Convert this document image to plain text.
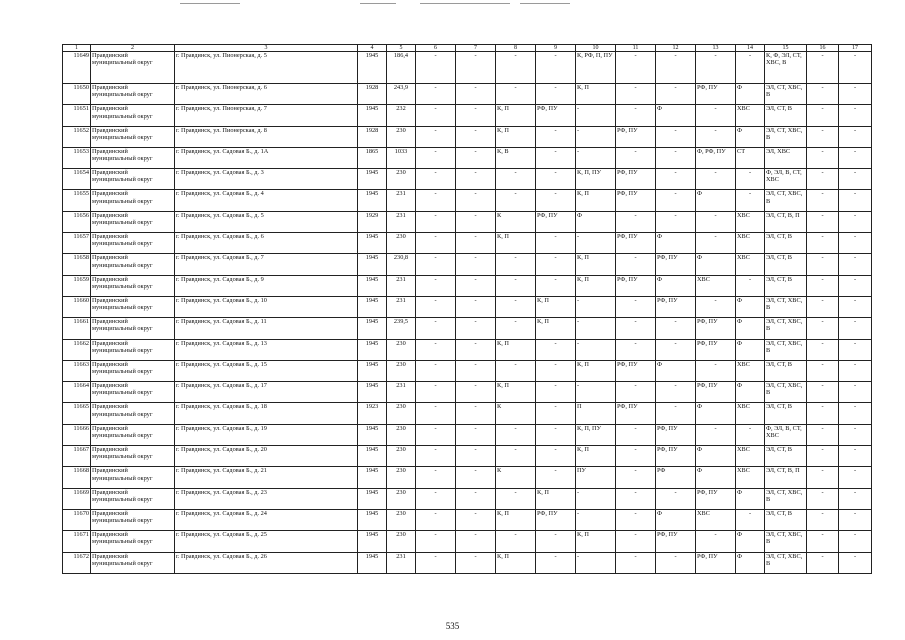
1	2	3	4	5	6	7	8	9	10	11	12	13	14	15	16	17
11649	Правдинский муниципальный округ	г. Правдинск, ул. Пионерская, д. 5	1945	186,4	-	-	-	-	К, РФ, П, ПУ	-	-	-	-	К, Ф, ЭЛ, СТ, ХВС, В	-	-
11650	Правдинский муниципальный округ	г. Правдинск, ул. Пионерская, д. 6	1928	243,9	-	-	-	-	К, П	-	-	РФ, ПУ	Ф	ЭЛ, СТ, ХВС, В	-	-
11651	Правдинский муниципальный округ	г. Правдинск, ул. Пионерская, д. 7	1945	232	-	-	К, П	РФ, ПУ	-	-	Ф	-	ХВС	ЭЛ, СТ, В	-	-
11652	Правдинский муниципальный округ	г. Правдинск, ул. Пионерская, д. 8	1928	230	-	-	К, П	-	-	РФ, ПУ	-	-	Ф	ЭЛ, СТ, ХВС, В	-	-
11653	Правдинский муниципальный округ	г. Правдинск, ул. Садовая Б., д. 1А	1865	1033	-	-	К, В	-	-	-	-	Ф, РФ, ПУ	СТ	ЭЛ, ХВС	-	-
11654	Правдинский муниципальный округ	г. Правдинск, ул. Садовая Б., д. 3	1945	230	-	-	-	-	К, П, ПУ	РФ, ПУ	-	-	-	Ф, ЭЛ, В, СТ, ХВС	-	-
11655	Правдинский муниципальный округ	г. Правдинск, ул. Садовая Б., д. 4	1945	231	-	-	-	-	К, П	РФ, ПУ	-	Ф	-	ЭЛ, СТ, ХВС, В	-	-
11656	Правдинский муниципальный округ	г. Правдинск, ул. Садовая Б., д. 5	1929	231	-	-	К	РФ, ПУ	Ф	-	-	-	ХВС	ЭЛ, СТ, В, П	-	-
11657	Правдинский муниципальный округ	г. Правдинск, ул. Садовая Б., д. 6	1945	230	-	-	К, П	-	-	РФ, ПУ	Ф	-	ХВС	ЭЛ, СТ, В	-	-
11658	Правдинский муниципальный округ	г. Правдинск, ул. Садовая Б., д. 7	1945	230,8	-	-	-	-	К, П	-	РФ, ПУ	Ф	ХВС	ЭЛ, СТ, В	-	-
11659	Правдинский муниципальный округ	г. Правдинск, ул. Садовая Б., д. 9	1945	231	-	-	-	-	К, П	РФ, ПУ	Ф	ХВС	-	ЭЛ, СТ, В	-	-
11660	Правдинский муниципальный округ	г. Правдинск, ул. Садовая Б., д. 10	1945	231	-	-	-	К, П	-	-	РФ, ПУ	-	Ф	ЭЛ, СТ, ХВС, В	-	-
11661	Правдинский муниципальный округ	г. Правдинск, ул. Садовая Б., д. 11	1945	239,5	-	-	-	К, П	-	-	-	РФ, ПУ	Ф	ЭЛ, СТ, ХВС, В	-	-
11662	Правдинский муниципальный округ	г. Правдинск, ул. Садовая Б., д. 13	1945	230	-	-	К, П	-	-	-	-	РФ, ПУ	Ф	ЭЛ, СТ, ХВС, В	-	-
11663	Правдинский муниципальный округ	г. Правдинск, ул. Садовая Б., д. 15	1945	230	-	-	-	-	К, П	РФ, ПУ	Ф	-	ХВС	ЭЛ, СТ, В	-	-
11664	Правдинский муниципальный округ	г. Правдинск, ул. Садовая Б., д. 17	1945	231	-	-	К, П	-	-	-	-	РФ, ПУ	Ф	ЭЛ, СТ, ХВС, В	-	-
11665	Правдинский муниципальный округ	г. Правдинск, ул. Садовая Б., д. 18	1923	230	-	-	К	-	П	РФ, ПУ	-	Ф	ХВС	ЭЛ, СТ, В	-	-
11666	Правдинский муниципальный округ	г. Правдинск, ул. Садовая Б., д. 19	1945	230	-	-	-	-	К, П, ПУ	-	РФ, ПУ	-	-	Ф, ЭЛ, В, СТ, ХВС	-	-
11667	Правдинский муниципальный округ	г. Правдинск, ул. Садовая Б., д. 20	1945	230	-	-	-	-	К, П	-	РФ, ПУ	Ф	ХВС	ЭЛ, СТ, В	-	-
11668	Правдинский муниципальный округ	г. Правдинск, ул. Садовая Б., д. 21	1945	230	-	-	К	-	ПУ	-	РФ	Ф	ХВС	ЭЛ, СТ, В, П	-	-
11669	Правдинский муниципальный округ	г. Правдинск, ул. Садовая Б., д. 23	1945	230	-	-	-	К, П	-	-	-	РФ, ПУ	Ф	ЭЛ, СТ, ХВС, В	-	-
11670	Правдинский муниципальный округ	г. Правдинск, ул. Садовая Б., д. 24	1945	230	-	-	К, П	РФ, ПУ	-	-	Ф	ХВС	-	ЭЛ, СТ, В	-	-
11671	Правдинский муниципальный округ	г. Правдинск, ул. Садовая Б., д. 25	1945	230	-	-	-	-	К, П	-	РФ, ПУ	-	Ф	ЭЛ, СТ, ХВС, В	-	-
11672	Правдинский муниципальный округ	г. Правдинск, ул. Садовая Б., д. 26	1945	231	-	-	К, П	-	-	-	-	РФ, ПУ	Ф	ЭЛ, СТ, ХВС, В	-	-
535
